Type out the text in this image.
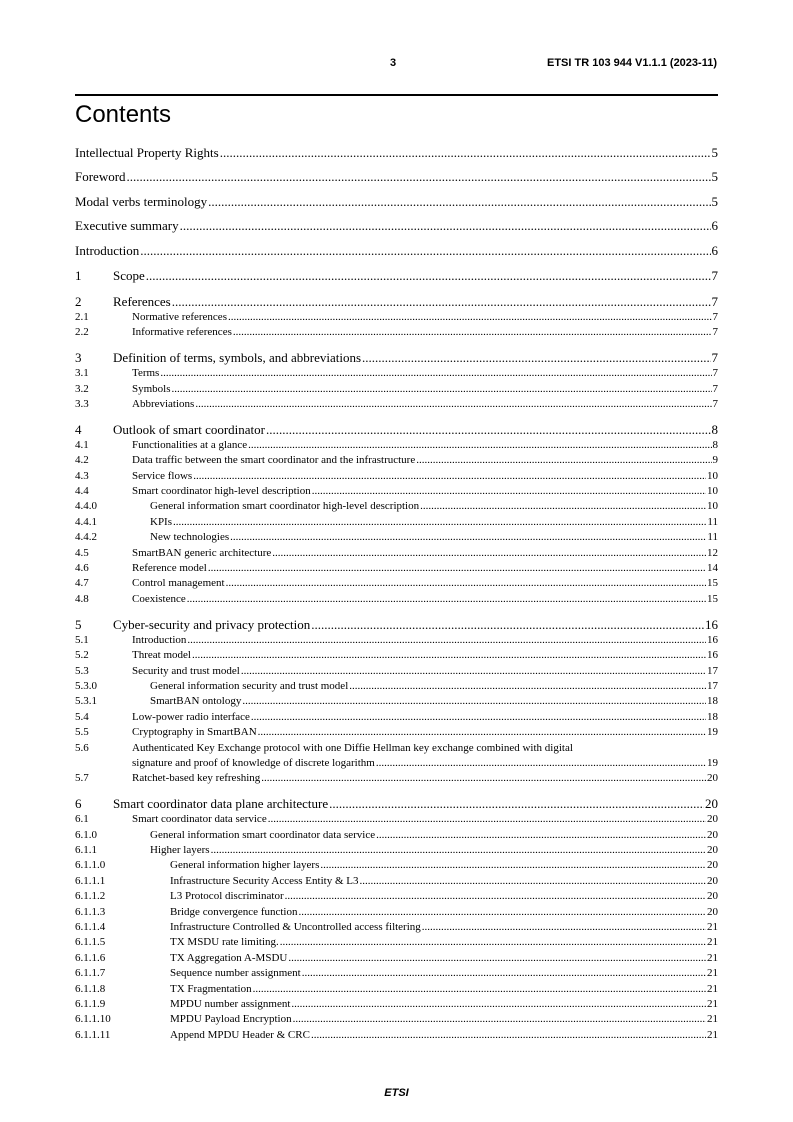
3	ETSI TR 103 944 V1.1.1 (2023-11)
Contents
Intellectual Property Rights .....	5
Foreword .....	5
Modal verbs terminology .....	5
Executive summary .....	6
Introduction .....	6
1	Scope .....	7
2	References .....	7
2.1	Normative references .....	7
2.2	Informative references .....	7
3	Definition of terms, symbols, and abbreviations .....	7
3.1	Terms .....	7
3.2	Symbols .....	7
3.3	Abbreviations .....	7
4	Outlook of smart coordinator .....	8
4.1	Functionalities at a glance .....	8
4.2	Data traffic between the smart coordinator and the infrastructure .....	9
4.3	Service flows .....	10
4.4	Smart coordinator high-level description .....	10
4.4.0	General information smart coordinator high-level description .....	10
4.4.1	KPIs .....	11
4.4.2	New technologies .....	11
4.5	SmartBAN generic architecture .....	12
4.6	Reference model .....	14
4.7	Control management .....	15
4.8	Coexistence .....	15
5	Cyber-security and privacy protection .....	16
5.1	Introduction .....	16
5.2	Threat model .....	16
5.3	Security and trust model .....	17
5.3.0	General information security and trust model .....	17
5.3.1	SmartBAN ontology .....	18
5.4	Low-power radio interface .....	18
5.5	Cryptography in SmartBAN .....	19
5.6	Authenticated Key Exchange protocol with one Diffie Hellman key exchange combined with digital
signature and proof of knowledge of discrete logarithm .....	19
5.7	Ratchet-based key refreshing .....	20
6	Smart coordinator data plane architecture .....	20
6.1	Smart coordinator data service .....	20
6.1.0	General information smart coordinator data service .....	20
6.1.1	Higher layers .....	20
6.1.1.0	General information higher layers .....	20
6.1.1.1	Infrastructure Security Access Entity & L3 .....	20
6.1.1.2	L3 Protocol discriminator .....	20
6.1.1.3	Bridge convergence function .....	20
6.1.1.4	Infrastructure Controlled & Uncontrolled access filtering .....	21
6.1.1.5	TX MSDU rate limiting. .....	21
6.1.1.6	TX Aggregation A-MSDU .....	21
6.1.1.7	Sequence number assignment .....	21
6.1.1.8	TX Fragmentation .....	21
6.1.1.9	MPDU number assignment .....	21
6.1.1.10	MPDU Payload Encryption .....	21
6.1.1.11	Append MPDU Header & CRC .....	21
ETSI
